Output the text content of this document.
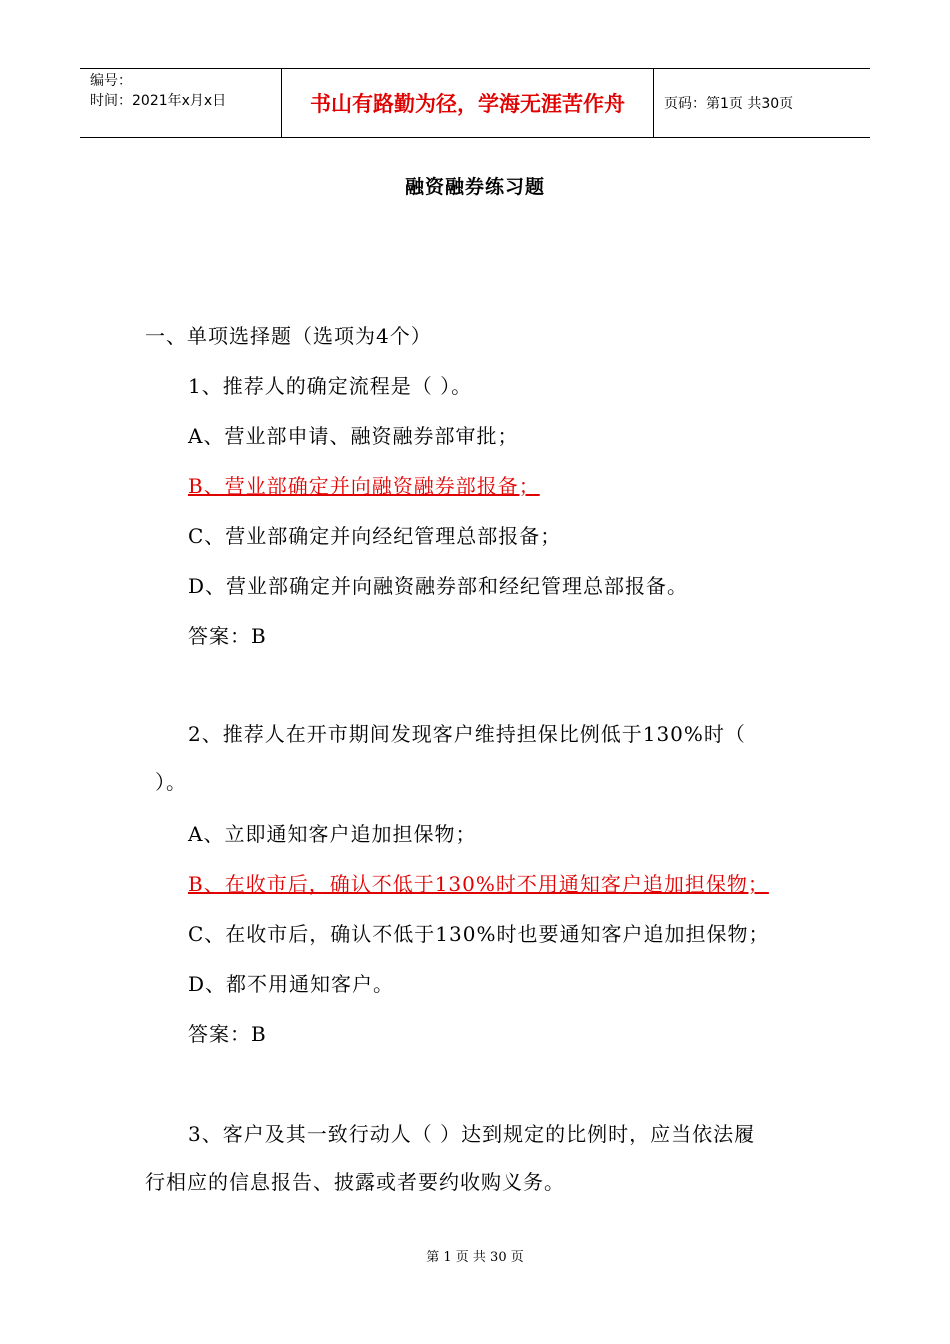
编号：
时间：2021年x月x日	书山有路勤为径，学海无涯苦作舟	页码：第1页 共30页
融资融券练习题
一、单项选择题（选项为4个）
1、推荐人的确定流程是（ ）。
A、营业部申请、融资融券部审批；
B、营业部确定并向融资融券部报备；
C、营业部确定并向经纪管理总部报备；
D、营业部确定并向融资融券部和经纪管理总部报备。
答案：B
2、推荐人在开市期间发现客户维持担保比例低于130%时（
）。
A、立即通知客户追加担保物；
B、在收市后，确认不低于130%时不用通知客户追加担保物；
C、在收市后，确认不低于130%时也要通知客户追加担保物；
D、都不用通知客户。
答案：B
3、客户及其一致行动人（ ）达到规定的比例时，应当依法履
行相应的信息报告、披露或者要约收购义务。
第 1 页 共 30 页
